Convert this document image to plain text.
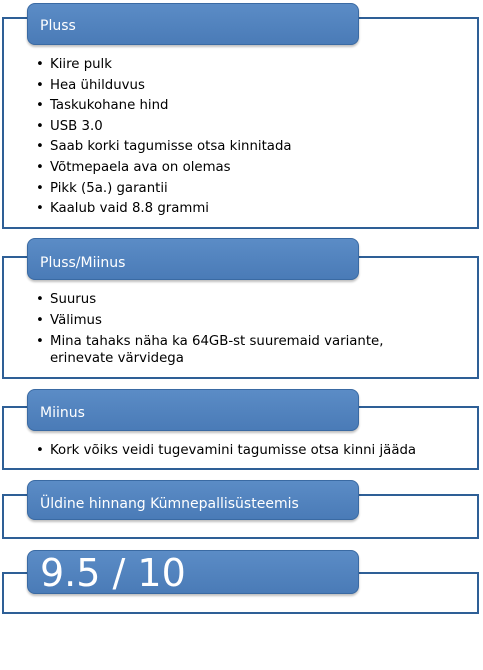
Pluss
• Kiire pulk
• Hea ühilduvus
• Taskukohane hind
• USB 3.0
• Saab korki tagumisse otsa kinnitada
• Võtmepaela ava on olemas
• Pikk (5a.) garantii
• Kaalub vaid 8.8 grammi
Pluss/Miinus
• Suurus
• Välimus
• Mina tahaks näha ka 64GB-st suuremaid variante, erinevate värvidega
Miinus
• Kork võiks veidi tugevamini tagumisse otsa kinni jääda
Üldine hinnang Kümnepallisüsteemis
9.5 / 10
